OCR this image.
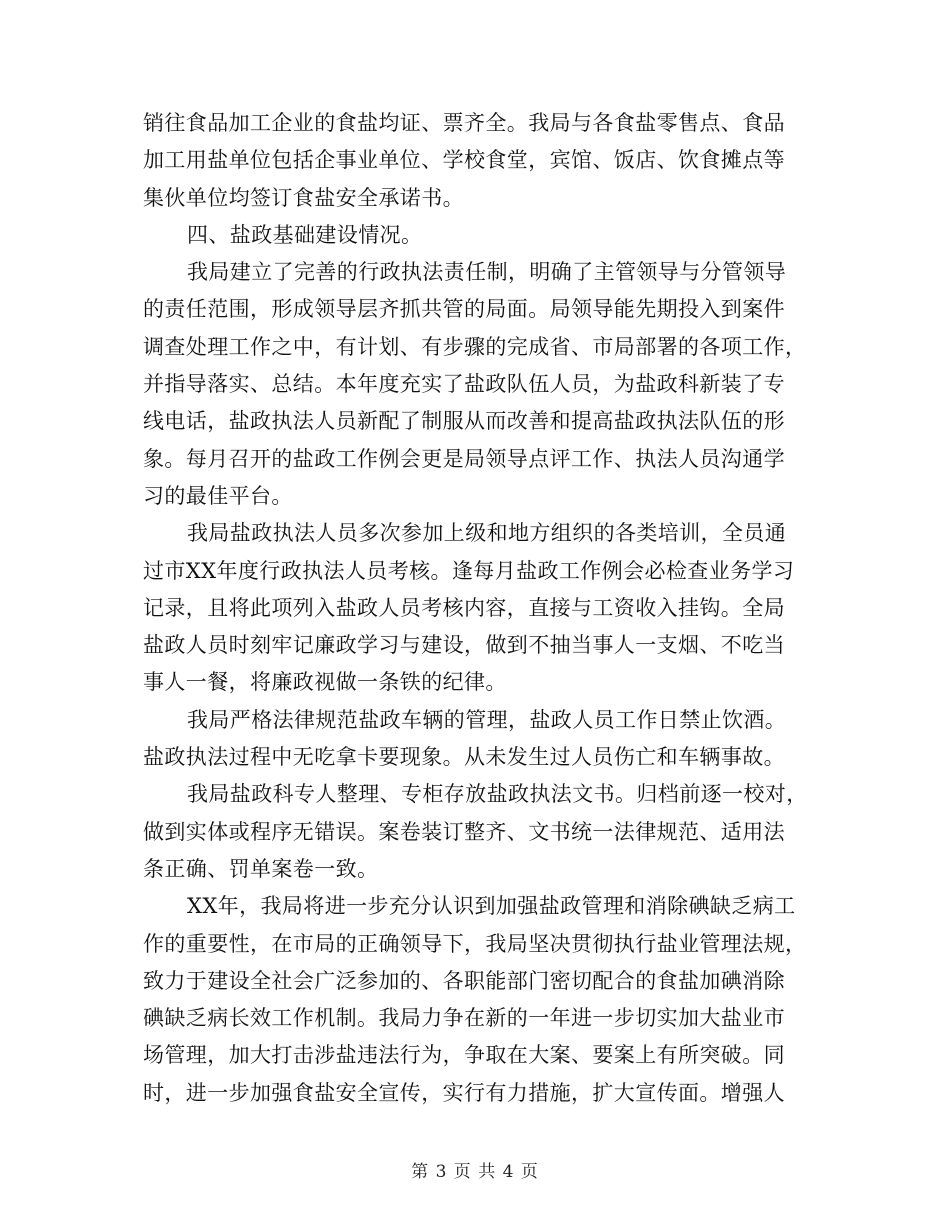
销往食品加工企业的食盐均证、票齐全。我局与各食盐零售点、食品
加工用盐单位包括企事业单位、学校食堂，宾馆、饭店、饮食摊点等
集伙单位均签订食盐安全承诺书。
四、盐政基础建设情况。
我局建立了完善的行政执法责任制，明确了主管领导与分管领导
的责任范围，形成领导层齐抓共管的局面。局领导能先期投入到案件
调查处理工作之中，有计划、有步骤的完成省、市局部署的各项工作，
并指导落实、总结。本年度充实了盐政队伍人员，为盐政科新装了专
线电话，盐政执法人员新配了制服从而改善和提高盐政执法队伍的形
象。每月召开的盐政工作例会更是局领导点评工作、执法人员沟通学
习的最佳平台。
我局盐政执法人员多次参加上级和地方组织的各类培训，全员通
过市XX年度行政执法人员考核。逢每月盐政工作例会必检查业务学习
记录，且将此项列入盐政人员考核内容，直接与工资收入挂钩。全局
盐政人员时刻牢记廉政学习与建设，做到不抽当事人一支烟、不吃当
事人一餐，将廉政视做一条铁的纪律。
我局严格法律规范盐政车辆的管理，盐政人员工作日禁止饮酒。
盐政执法过程中无吃拿卡要现象。从未发生过人员伤亡和车辆事故。
我局盐政科专人整理、专柜存放盐政执法文书。归档前逐一校对，
做到实体或程序无错误。案卷装订整齐、文书统一法律规范、适用法
条正确、罚单案卷一致。
XX年，我局将进一步充分认识到加强盐政管理和消除碘缺乏病工
作的重要性，在市局的正确领导下，我局坚决贯彻执行盐业管理法规，
致力于建设全社会广泛参加的、各职能部门密切配合的食盐加碘消除
碘缺乏病长效工作机制。我局力争在新的一年进一步切实加大盐业市
场管理，加大打击涉盐违法行为，争取在大案、要案上有所突破。同
时，进一步加强食盐安全宣传，实行有力措施，扩大宣传面。增强人
第 3 页 共 4 页
